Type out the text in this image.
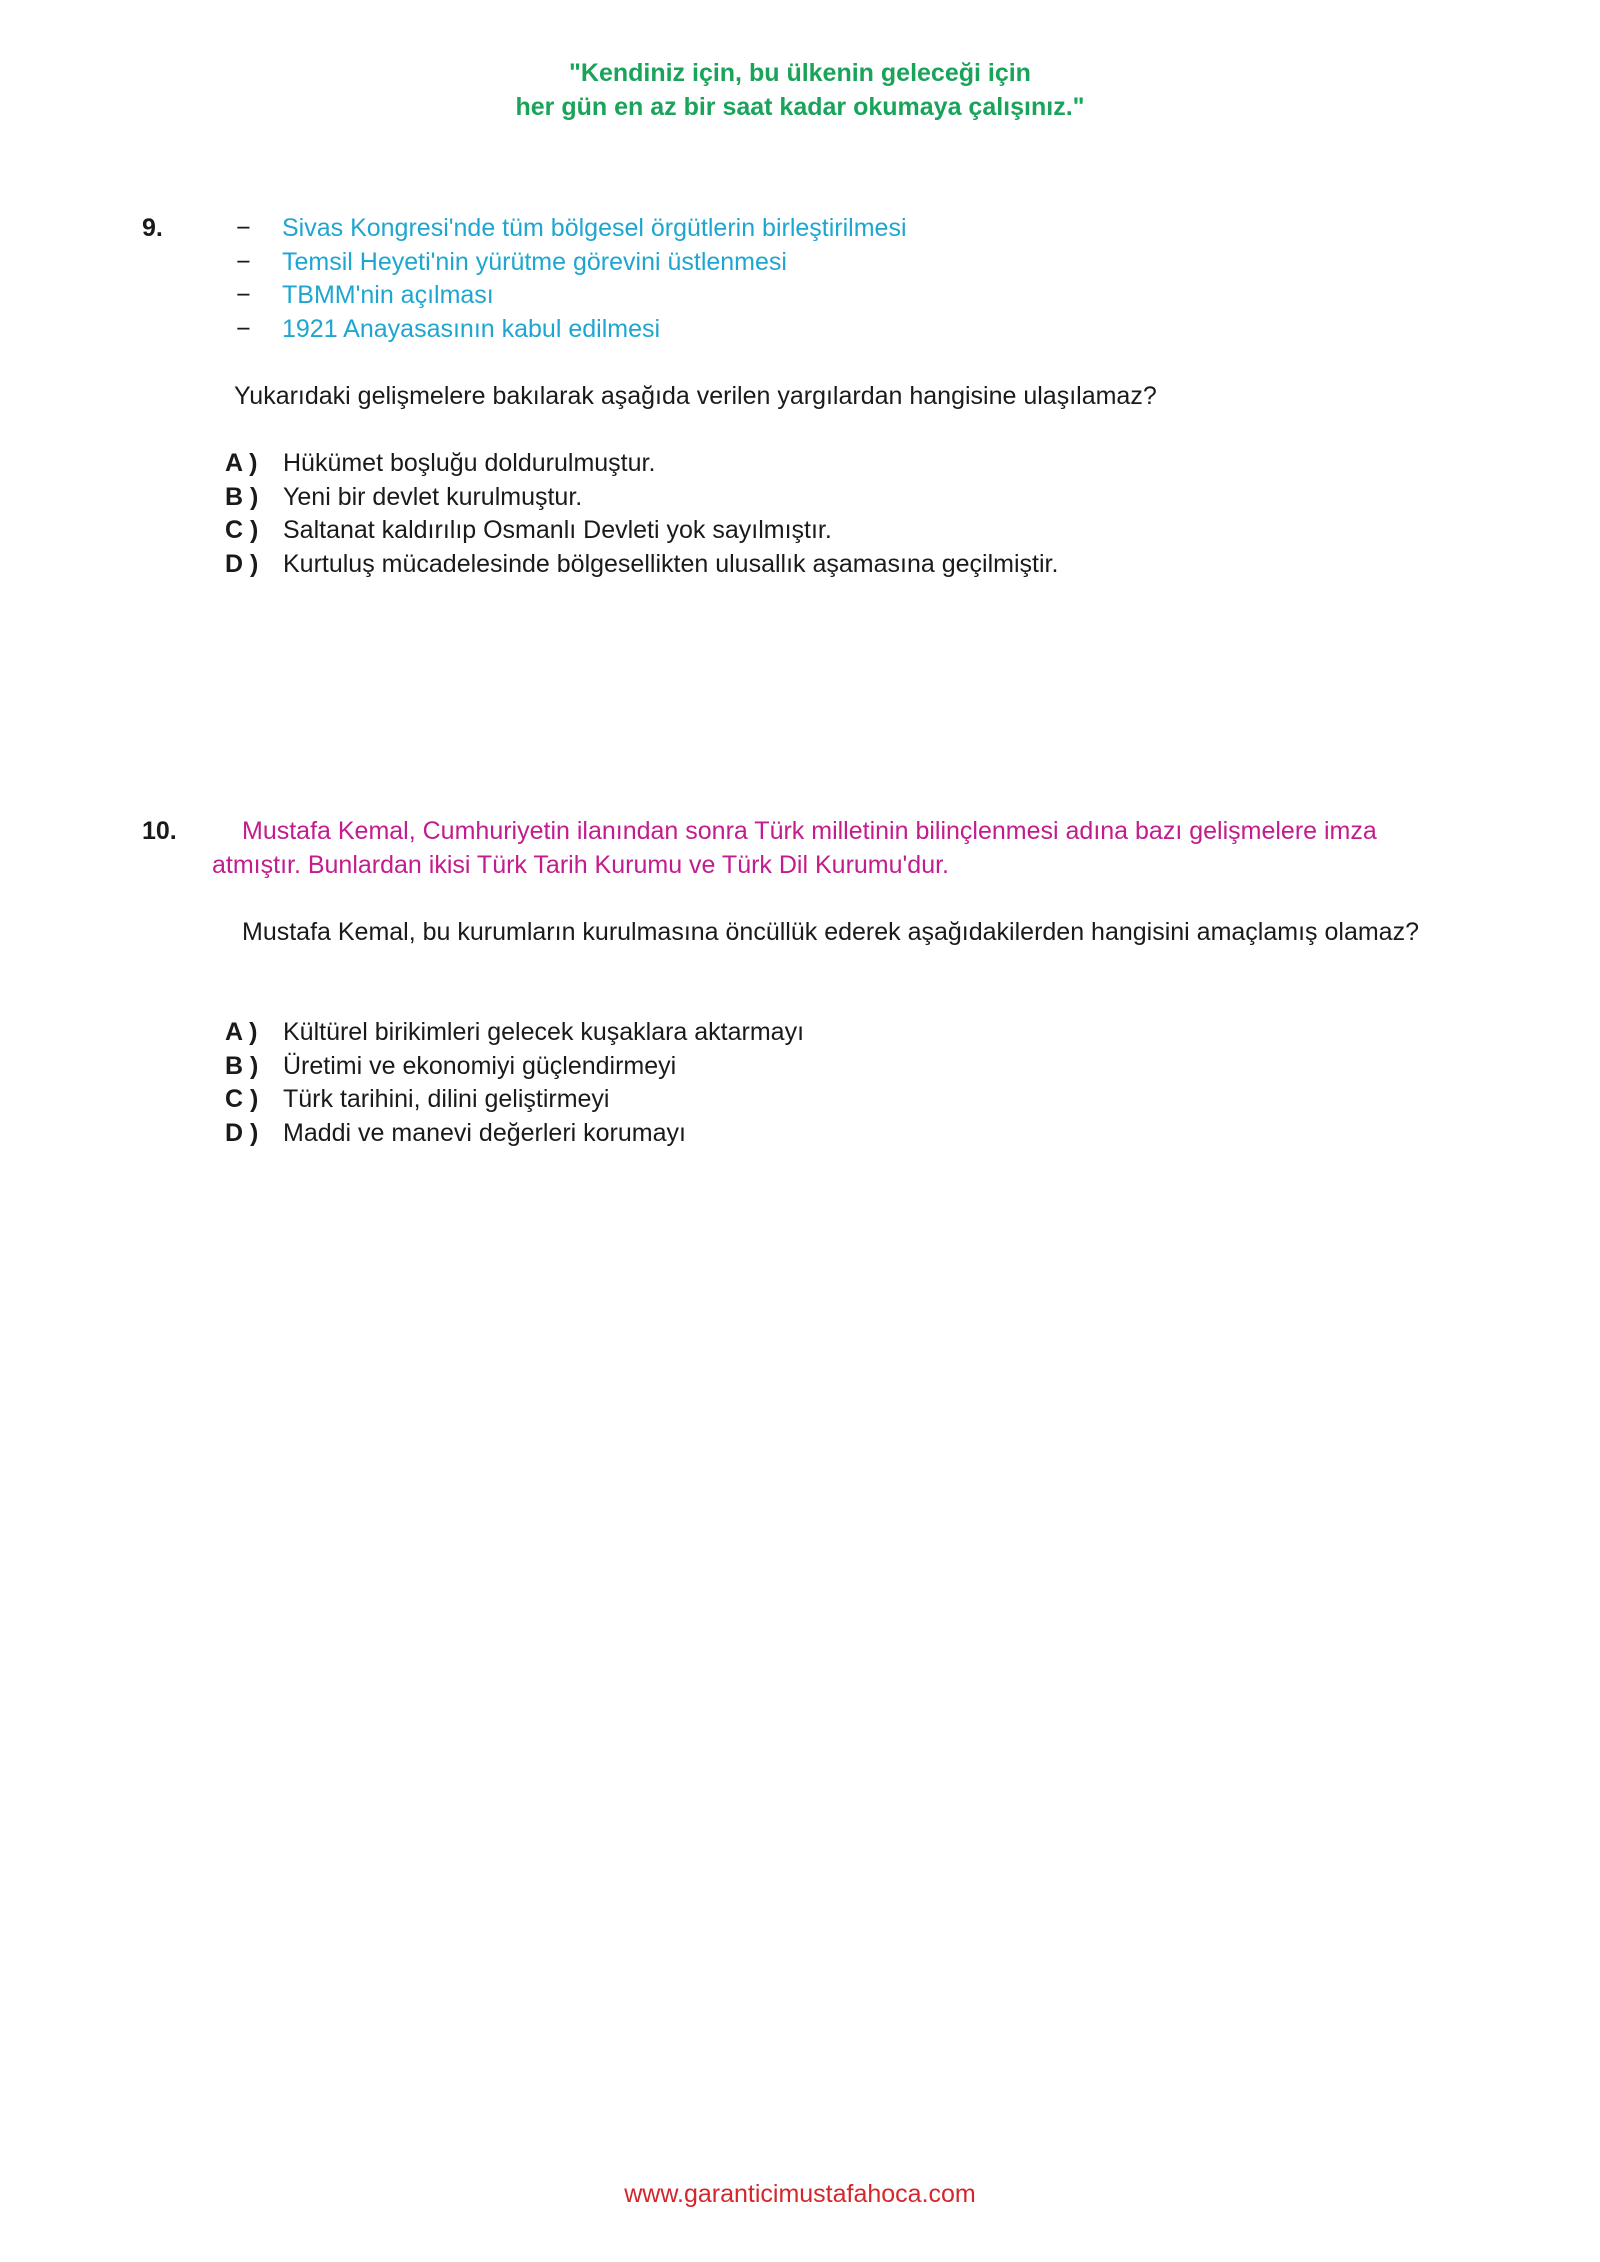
"Kendiniz için, bu ülkenin geleceği için
her gün en az bir saat kadar okumaya çalışınız."
9.	−	Sivas Kongresi'nde tüm bölgesel örgütlerin birleştirilmesi
−	Temsil Heyeti'nin yürütme görevini üstlenmesi
−	TBMM'nin açılması
−	1921 Anayasasının kabul edilmesi
Yukarıdaki gelişmelere bakılarak aşağıda verilen yargılardan hangisine ulaşılamaz?
A )	Hükümet boşluğu doldurulmuştur.
B ) Yeni bir devlet kurulmuştur.
C ) Saltanat kaldırılıp Osmanlı Devleti yok sayılmıştır.
D ) Kurtuluş mücadelesinde bölgesellikten ulusallık aşamasına geçilmiştir.
10.	Mustafa Kemal, Cumhuriyetin ilanından sonra Türk milletinin bilinçlenmesi adına bazı gelişmelere imza atmıştır. Bunlardan ikisi Türk Tarih Kurumu ve Türk Dil Kurumu'dur.
Mustafa Kemal, bu kurumların kurulmasına öncüllük ederek aşağıdakilerden hangisini amaçlamış olamaz?
A )	Kültürel birikimleri gelecek kuşaklara aktarmayı
B ) Üretimi ve ekonomiyi güçlendirmeyi
C ) Türk tarihini, dilini geliştirmeyi
D ) Maddi ve manevi değerleri korumayı
www.garanticimustafahoca.com
